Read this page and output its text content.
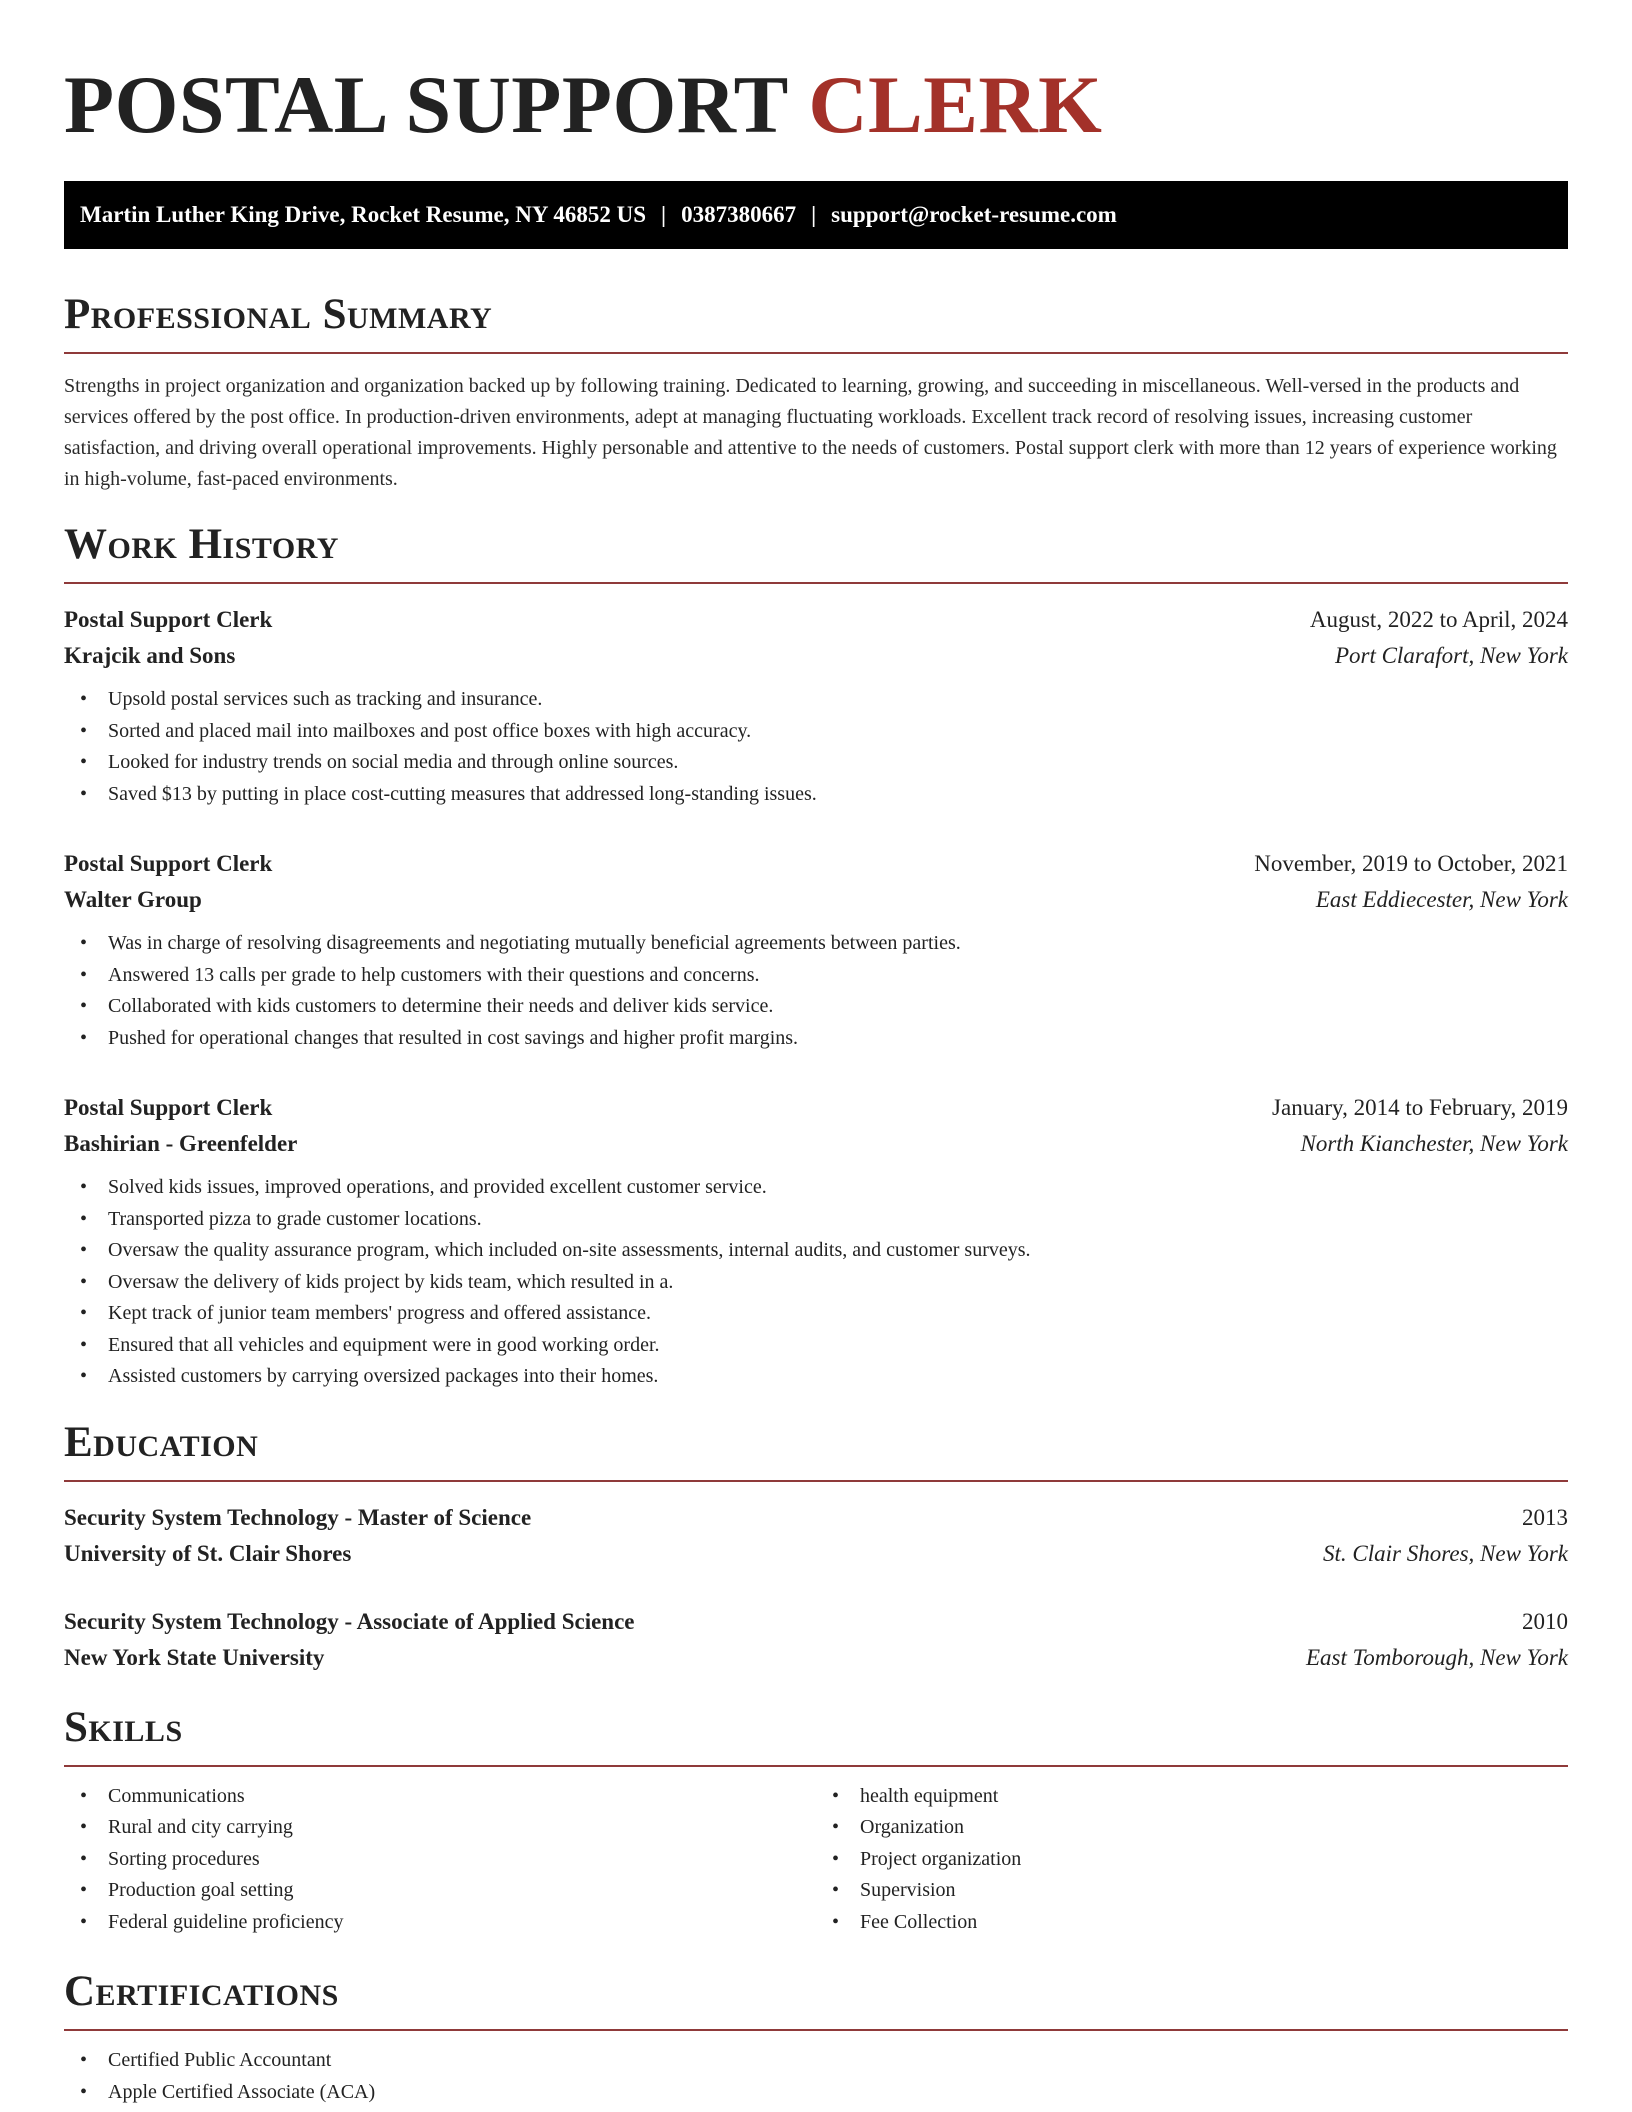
POSTAL SUPPORT CLERK
Martin Luther King Drive, Rocket Resume, NY 46852 US | 0387380667 | support@rocket-resume.com
Professional Summary

Strengths in project organization and organization backed up by following training. Dedicated to learning, growing, and succeeding in miscellaneous. Well-versed in the products and services offered by the post office. In production-driven environments, adept at managing fluctuating workloads. Excellent track record of resolving issues, increasing customer satisfaction, and driving overall operational improvements. Highly personable and attentive to the needs of customers. Postal support clerk with more than 12 years of experience working in high-volume, fast-paced environments.

Work History
Postal Support Clerk	August, 2022 to April, 2024
Krajcik and Sons	Port Clarafort, New York
• Upsold postal services such as tracking and insurance.
• Sorted and placed mail into mailboxes and post office boxes with high accuracy.
• Looked for industry trends on social media and through online sources.
• Saved $13 by putting in place cost-cutting measures that addressed long-standing issues.
Postal Support Clerk	November, 2019 to October, 2021
Walter Group	East Eddiecester, New York
• Was in charge of resolving disagreements and negotiating mutually beneficial agreements between parties.
• Answered 13 calls per grade to help customers with their questions and concerns.
• Collaborated with kids customers to determine their needs and deliver kids service.
• Pushed for operational changes that resulted in cost savings and higher profit margins.
Postal Support Clerk	January, 2014 to February, 2019
Bashirian - Greenfelder	North Kianchester, New York
• Solved kids issues, improved operations, and provided excellent customer service.
• Transported pizza to grade customer locations.
• Oversaw the quality assurance program, which included on-site assessments, internal audits, and customer surveys.
• Oversaw the delivery of kids project by kids team, which resulted in a.
• Kept track of junior team members' progress and offered assistance.
• Ensured that all vehicles and equipment were in good working order.
• Assisted customers by carrying oversized packages into their homes.
Education
Security System Technology - Master of Science	2013
University of St. Clair Shores	St. Clair Shores, New York
Security System Technology - Associate of Applied Science	2010
New York State University	East Tomborough, New York
Skills
• Communications
• Rural and city carrying
• Sorting procedures
• Production goal setting
• Federal guideline proficiency
• health equipment
• Organization
• Project organization
• Supervision
• Fee Collection
Certifications
• Certified Public Accountant
• Apple Certified Associate (ACA)
